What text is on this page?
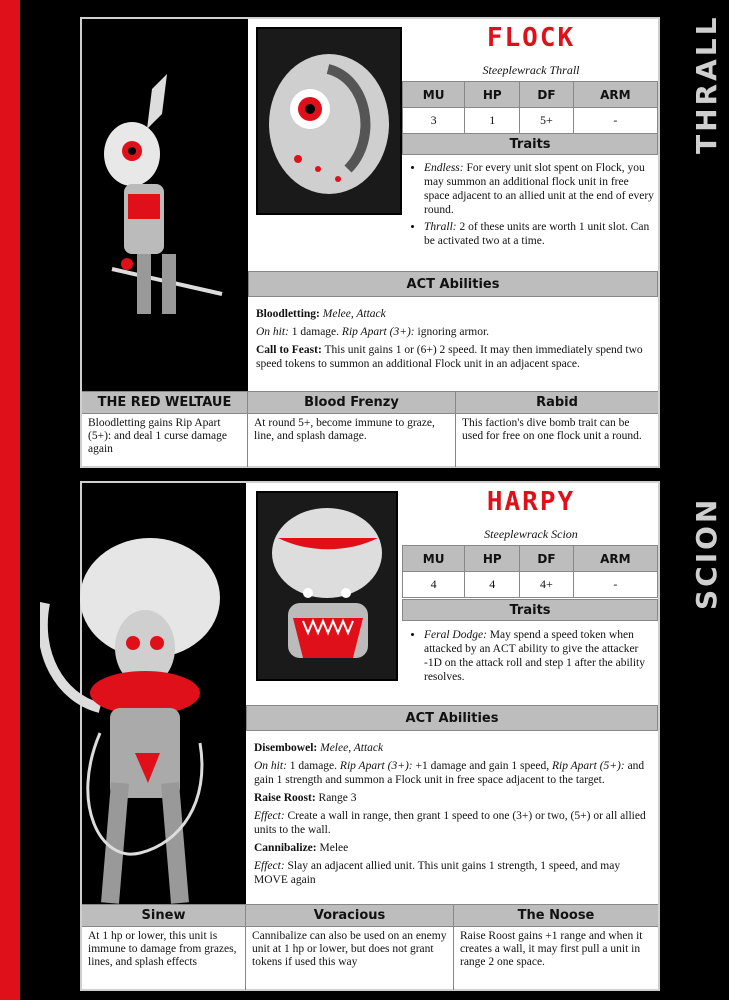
THRALL
FLOCK
Steeplewrack Thrall
MU	HP	DF	ARM
3	1	5+	-
Traits
• Endless: For every unit slot spent on Flock, you may summon an additional flock unit in free space adjacent to an allied unit at the end of every round.
• Thrall: 2 of these units are worth 1 unit slot. Can be activated two at a time.
ACT Abilities

Bloodletting: Melee, Attack

On hit: 1 damage. Rip Apart (3+): ignoring armor.

Call to Feast: This unit gains 1 or (6+) 2 speed. It may then immediately spend two speed tokens to summon an additional Flock unit in an adjacent space.

THE RED WELTAUE
Bloodletting gains Rip Apart (5+): and deal 1 curse damage again
Blood Frenzy
At round 5+, become immune to graze, line, and splash damage.
Rabid
This faction's dive bomb trait can be used for free on one flock unit a round.
SCION
HARPY
Steeplewrack Scion
MU	HP	DF	ARM
4	4	4+	-
Traits
• Feral Dodge: May spend a speed token when attacked by an ACT ability to give the attacker -1D on the attack roll and step 1 after the ability resolves.
ACT Abilities

Disembowel: Melee, Attack

On hit: 1 damage. Rip Apart (3+): +1 damage and gain 1 speed, Rip Apart (5+): and gain 1 strength and summon a Flock unit in free space adjacent to the target.

Raise Roost: Range 3

Effect: Create a wall in range, then grant 1 speed to one (3+) or two, (5+) or all allied units to the wall.

Cannibalize: Melee

Effect: Slay an adjacent allied unit. This unit gains 1 strength, 1 speed, and may MOVE again

Sinew
At 1 hp or lower, this unit is immune to damage from grazes, lines, and splash effects
Voracious
Cannibalize can also be used on an enemy unit at 1 hp or lower, but does not grant tokens if used this way
The Noose
Raise Roost gains +1 range and when it creates a wall, it may first pull a unit in range 2 one space.
